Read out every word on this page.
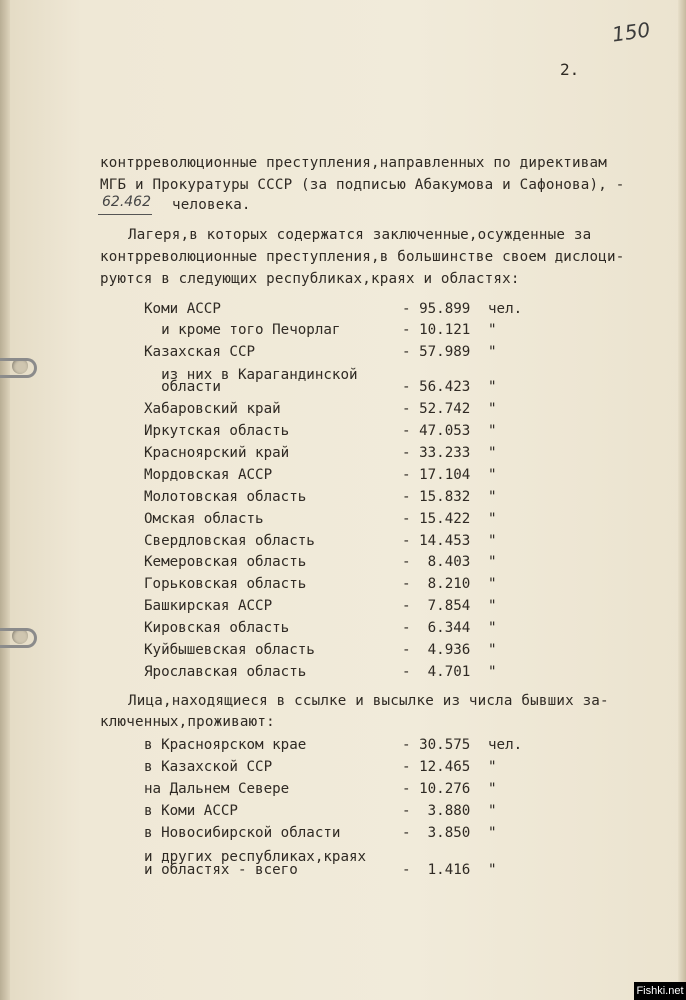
150
2.
контрреволюционные преступления,направленных по директивам
МГБ и Прокуратуры СССР (за подписью Абакумова и Сафонова), -
62.462 человека.
Лагеря,в которых содержатся заключенные,осужденные за
контрреволюционные преступления,в большинстве своем дислоци-
руются в следующих республиках,краях и областях:
Коми АССР	- 95.899 чел.
и кроме того Печорлаг	- 10.121 "
Казахская ССР	- 57.989 "
из них в Карагандинской
области	- 56.423 "
Хабаровский край	- 52.742 "
Иркутская область	- 47.053 "
Красноярский край	- 33.233 "
Мордовская АССР	- 17.104 "
Молотовская область	- 15.832 "
Омская область	- 15.422 "
Свердловская область	- 14.453 "
Кемеровская область	-  8.403 "
Горьковская область	-  8.210 "
Башкирская АССР	-  7.854 "
Кировская область	-  6.344 "
Куйбышевская область	-  4.936 "
Ярославская область	-  4.701 "
Лица,находящиеся в ссылке и высылке из числа бывших за-
ключенных,проживают:
в Красноярском крае	- 30.575 чел.
в Казахской ССР	- 12.465 "
на Дальнем Севере	- 10.276 "
в Коми АССР	-  3.880 "
в Новосибирской области	-  3.850 "
и других республиках,краях
и областях - всего	-  1.416 "
Fishki.net
